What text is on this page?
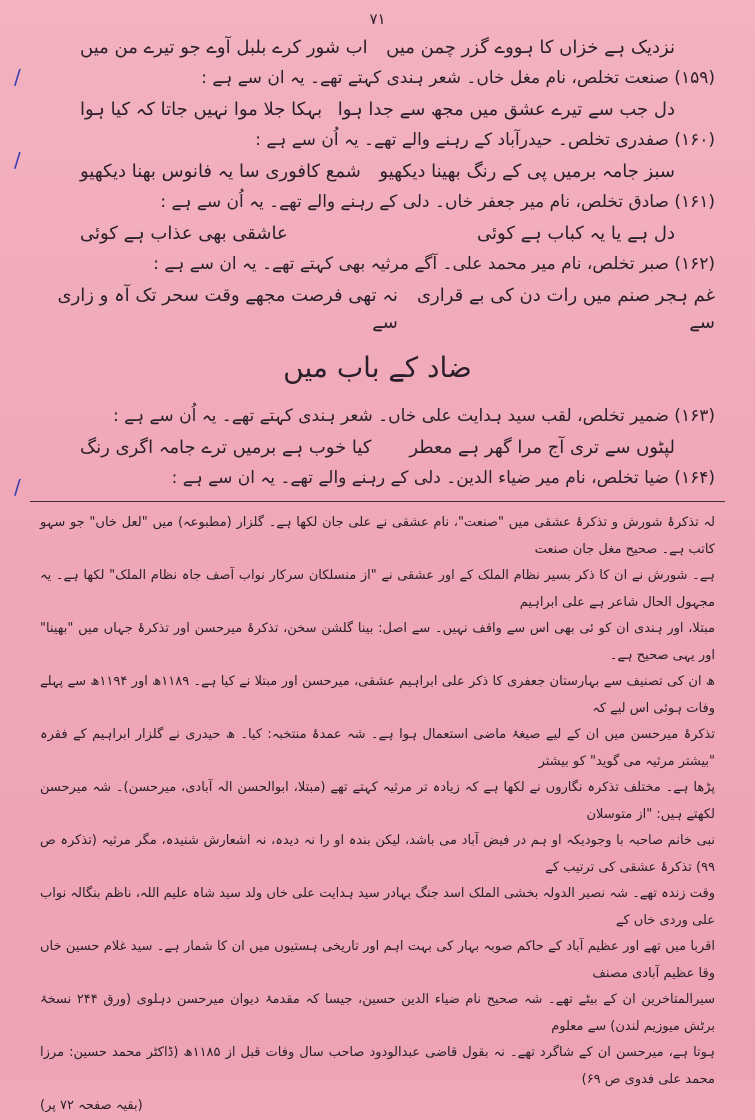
۷۱
/
/
/
نزدیک ہے خزاں کا ہووے گزر چمن میں
اب شور کرے بلبل آوے جو تیرے من میں
(۱۵۹) صنعت تخلص، نام مغل خاں۔ شعر ہندی کہتے تھے۔ یہ ان سے ہے :
دل جب سے تیرے عشق میں مجھ سے جدا ہوا
بہکا جلا موا نہیں جاتا کہ کیا ہوا
(۱۶۰) صفدری تخلص۔ حیدرآباد کے رہنے والے تھے۔ یہ اُن سے ہے :
سبز جامہ برمیں پی کے رنگ بھینا دیکھیو
شمع کافوری سا یہ فانوس بھنا دیکھیو
(۱۶۱) صادق تخلص، نام میر جعفر خاں۔ دلی کے رہنے والے تھے۔ یہ اُن سے ہے :
دل ہے یا یہ کباب ہے کوئی
عاشقی بھی عذاب ہے کوئی
(۱۶۲) صبر تخلص، نام میر محمد علی۔ آگے مرثیہ بھی کہتے تھے۔ یہ ان سے ہے :
غم ہجر صنم میں رات دن کی بے قراری سے
نہ تھی فرصت مجھے وقت سحر تک آہ و زاری سے
ضاد کے باب میں
(۱۶۳) ضمیر تخلص، لقب سید ہدایت علی خاں۔ شعر ہندی کہتے تھے۔ یہ اُن سے ہے :
لپٹوں سے تری آج مرا گھر ہے معطر
کیا خوب ہے برمیں ترے جامہ اگری رنگ
(۱۶۴) ضیا تخلص، نام میر ضیاء الدین۔ دلی کے رہنے والے تھے۔ یہ ان سے ہے :

لہ تذکرۂ شورش و تذکرۂ عشقی میں "صنعت"، نام عشقی نے علی جان لکھا ہے۔ گلزار (مطبوعہ) میں "لعل خاں" جو سہو کاتب ہے۔ صحیح مغل جان صنعت

ہے۔ شورش نے ان کا ذکر بسیر نظام الملک کے اور عشقی نے "از منسلکان سرکار نواب آصف جاہ نظام الملک" لکھا ہے۔ یہ مجہول الحال شاعر ہے علی ابراہیم

مبتلا، اور ہندی ان کو ئی بھی اس سے واقف نہیں۔ سے اصل: بینا گلشن سخن، تذکرۂ میرحسن اور تذکرۂ جہاں میں "بھینا" اور یہی صحیح ہے۔

ھ ان کی تصنیف سے بہارستان جعفری کا ذکر علی ابراہیم عشقی، میرحسن اور مبتلا نے کیا ہے۔ ۱۱۸۹ھ اور ۱۱۹۴ھ سے پہلے وفات ہوئی اس لیے کہ

تذکرۂ میرحسن میں ان کے لیے صیغۂ ماضی استعمال ہوا ہے۔ شہ عمدۂ منتخبہ: کیا۔ ھ حیدری نے گلزار ابراہیم کے فقرہ "بیشتر مرثیہ می گوید" کو بیشتر

پڑھا ہے۔ مختلف تذکرہ نگاروں نے لکھا ہے کہ زیادہ تر مرثیہ کہتے تھے (مبتلا، ابوالحسن الہ آبادی، میرحسن)۔ شہ میرحسن لکھتے ہیں: "از متوسلان

نبی خانم صاحبہ با وجودیکہ او ہم در فیض آباد می باشد، لیکن بندہ او را نہ دیدہ، نہ اشعارش شنیدہ، مگر مرثیہ (تذکرہ ص ۹۹) تذکرۂ عشقی کی ترتیب کے

وقت زندہ تھے۔ شہ نصیر الدولہ بخشی الملک اسد جنگ بہادر سید ہدایت علی خاں ولد سید شاہ علیم اللہ، ناظم بنگالہ نواب علی وردی خاں کے

اقربا میں تھے اور عظیم آباد کے حاکم صوبہ بہار کی بہت اہم اور تاریخی ہستیوں میں ان کا شمار ہے۔ سید غلام حسین خاں وقا عظیم آبادی مصنف

سیرالمتاخرین ان کے بیٹے تھے۔ شہ صحیح نام ضیاء الدین حسین، جیسا کہ مقدمۂ دیوان میرحسن دہلوی (ورق ۲۴۴ نسخۂ برٹش میوزیم لندن) سے معلوم

ہوتا ہے، میرحسن ان کے شاگرد تھے۔ نہ بقول قاضی عبدالودود صاحب سال وفات قبل از ۱۱۸۵ھ (ڈاکٹر محمد حسین: مرزا محمد علی فدوی ص ۶۹)

(بقیہ صفحہ ۷۲ پر)
